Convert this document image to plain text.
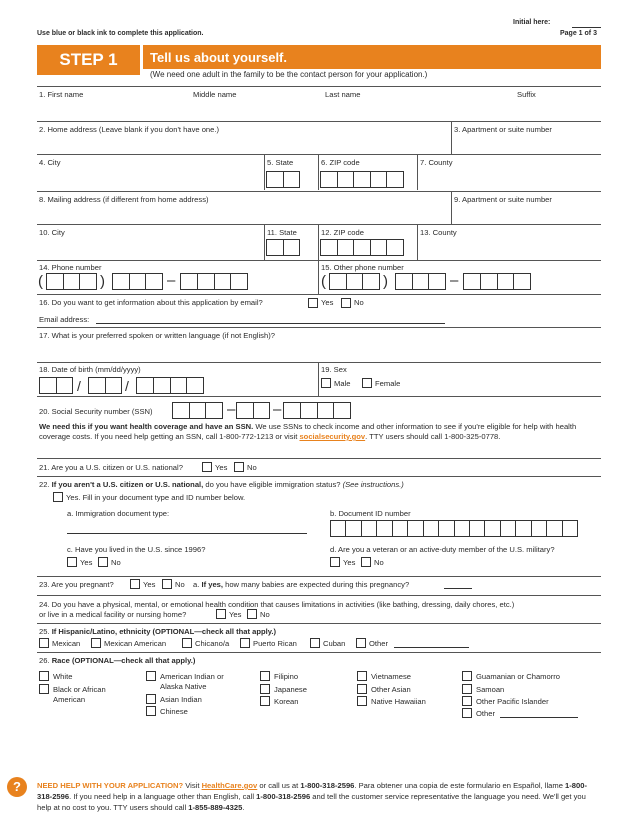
Initial here:
Use blue or black ink to complete this application.	Page 1 of 3
STEP 1	Tell us about yourself.
(We need one adult in the family to be the contact person for your application.)
1. First name	Middle name	Last name	Suffix
2. Home address (Leave blank if you don't have one.)	3. Apartment or suite number
4. City	5. State	6. ZIP code	7. County
8. Mailing address (if different from home address)	9. Apartment or suite number
10. City	11. State	12. ZIP code	13. County
14. Phone number	15. Other phone number
(	)	–	(	)	–
16. Do you want to get information about this application by email?	Yes	No
Email address:
17. What is your preferred spoken or written language (if not English)?
18. Date of birth (mm/dd/yyyy)
/	/
19. Sex
Male	Female
20. Social Security number (SSN)	–	–
We need this if you want health coverage and have an SSN. We use SSNs to check income and other information to see if you're eligible for help with health coverage costs. If you need help getting an SSN, call 1-800-772-1213 or visit socialsecurity.gov. TTY users should call 1-800-325-0778.
21. Are you a U.S. citizen or U.S. national?	Yes	No
22. If you aren't a U.S. citizen or U.S. national, do you have eligible immigration status? (See instructions.)
Yes. Fill in your document type and ID number below.
a. Immigration document type:	b. Document ID number
c. Have you lived in the U.S. since 1996?
Yes No
d. Are you a veteran or an active-duty member of the U.S. military?
Yes No
23. Are you pregnant?	Yes	No a. If yes, how many babies are expected during this pregnancy?
24. Do you have a physical, mental, or emotional health condition that causes limitations in activities (like bathing, dressing, daily chores, etc.)
or live in a medical facility or nursing home?	Yes No
25. If Hispanic/Latino, ethnicity (OPTIONAL—check all that apply.)
Mexican	Mexican American	Chicano/a	Puerto Rican	Cuban	Other
26. Race (OPTIONAL—check all that apply.)
White
Black or African
American
American Indian or
Alaska Native
Asian Indian
Chinese
Filipino
Japanese
Korean
Vietnamese
Other Asian
Native Hawaiian
Guamanian or Chamorro
Samoan
Other Pacific Islander
Other
?	NEED HELP WITH YOUR APPLICATION? Visit HealthCare.gov or call us at 1-800-318-2596. Para obtener una copia de este formulario en Español, llame 1-800-318-2596. If you need help in a language other than English, call 1-800-318-2596 and tell the customer service representative the language you need. We'll get you help at no cost to you. TTY users should call 1-855-889-4325.
